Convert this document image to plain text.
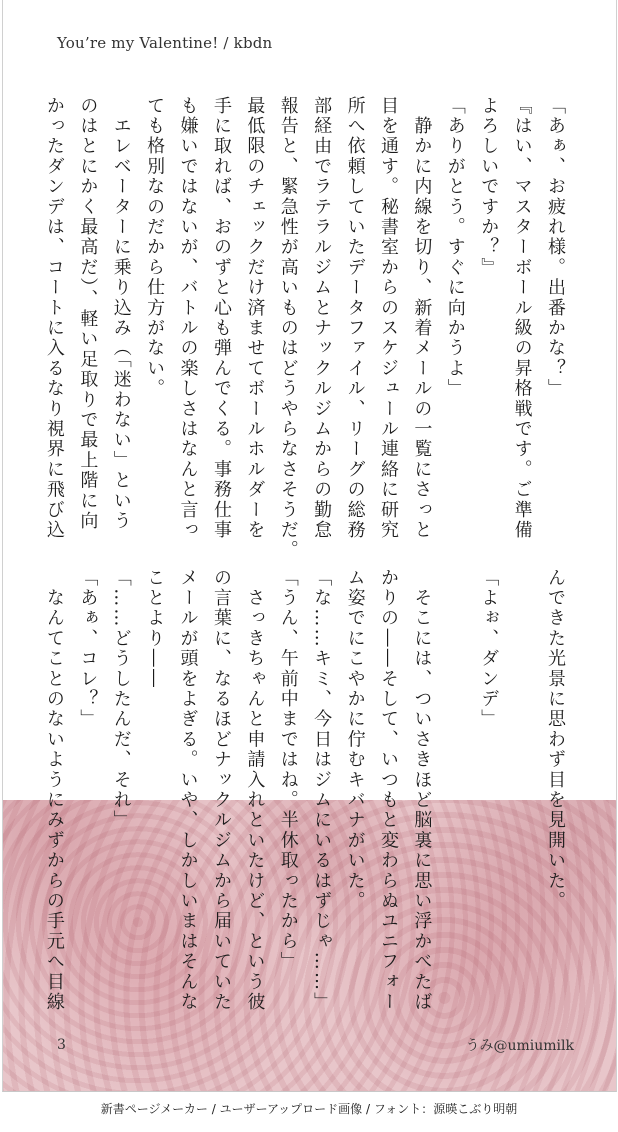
You’re my Valentine! / kbdn
「あぁ、お疲れ様。出番かな？」
『はい、マスターボール級の昇格戦です。ご準備
よろしいですか？』
「ありがとう。すぐに向かうよ」
　静かに内線を切り、新着メールの一覧にさっと
目を通す。秘書室からのスケジュール連絡に研究
所へ依頼していたデータファイル、リーグの総務
部経由でラテラルジムとナックルジムからの勤怠
報告と、緊急性が高いものはどうやらなさそうだ。
最低限のチェックだけ済ませてボールホルダーを
手に取れば、おのずと心も弾んでくる。事務仕事
も嫌いではないが、バトルの楽しさはなんと言っ
ても格別なのだから仕方がない。
　エレベーターに乗り込み（「迷わない」という
のはとにかく最高だ）、軽い足取りで最上階に向
かったダンデは、コートに入るなり視界に飛び込
んできた光景に思わず目を見開いた。
「よぉ、ダンデ」
　そこには、ついさきほど脳裏に思い浮かべたば
かりの――そして、いつもと変わらぬユニフォー
ム姿でにこやかに佇むキバナがいた。
「な……キミ、今日はジムにいるはずじゃ……」
「うん、午前中まではね。半休取ったから」
　さっきちゃんと申請入れといたけど、という彼
の言葉に、なるほどナックルジムから届いていた
メールが頭をよぎる。いや、しかしいまはそんな
ことより――
「……どうしたんだ、それ」
「あぁ、コレ？」
　なんてことのないようにみずからの手元へ目線
3	うみ@umiumilk
新書ページメーカー / ユーザーアップロード画像 / フォント：源暎こぶり明朝
